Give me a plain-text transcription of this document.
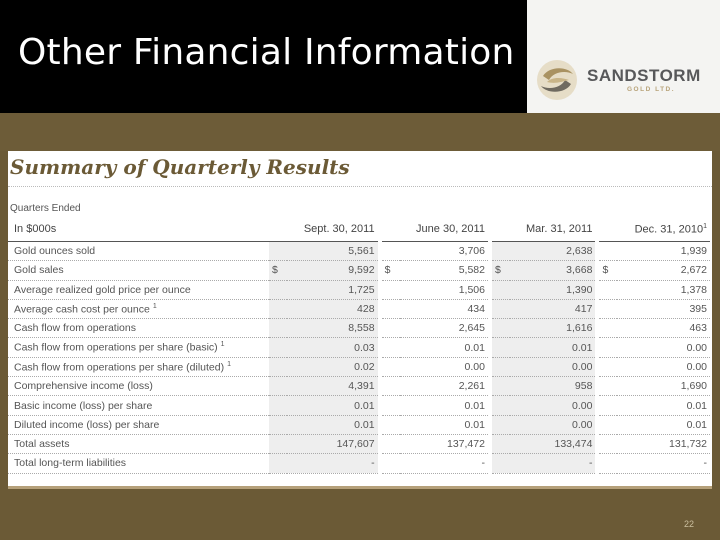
Other Financial Information
SANDSTORM
GOLD LTD.
Summary of Quarterly Results
Quarters Ended
In $000s		Sept. 30, 2011			June 30, 2011			Mar. 31, 2011			Dec. 31, 2010$^1$
Gold ounces sold		5,561			3,706			2,638			1,939
Gold sales	$	9,592		$	5,582		$	3,668		$	2,672
Average realized gold price per ounce		1,725			1,506			1,390			1,378
Average cash cost per ounce $^1$		428			434			417			395
Cash flow from operations		8,558			2,645			1,616			463
Cash flow from operations per share (basic) $^1$		0.03			0.01			0.01			0.00
Cash flow from operations per share (diluted) $^1$		0.02			0.00			0.00			0.00
Comprehensive income (loss)		4,391			2,261			958			1,690
Basic income (loss) per share		0.01			0.01			0.00			0.01
Diluted income (loss) per share		0.01			0.01			0.00			0.01
Total assets		147,607			137,472			133,474			131,732
Total long-term liabilities		-			-			-			-
22
